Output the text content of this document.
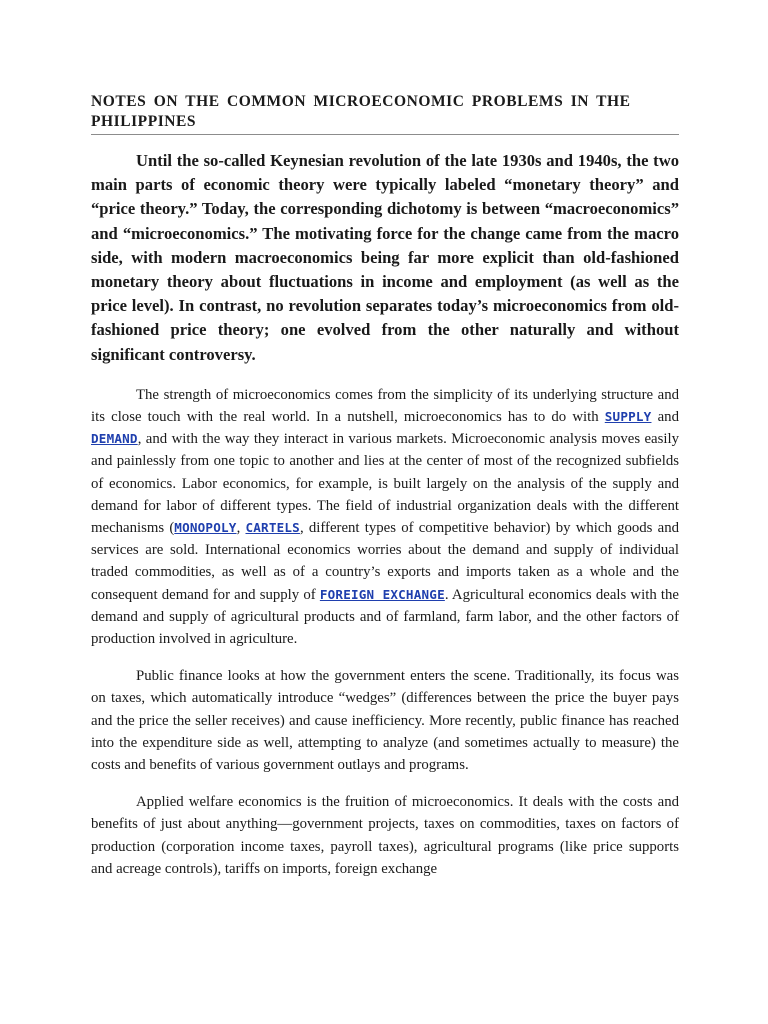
NOTES ON THE COMMON MICROECONOMIC PROBLEMS IN THE PHILIPPINES

Until the so-called Keynesian revolution of the late 1930s and 1940s, the two main parts of economic theory were typically labeled “monetary theory” and “price theory.” Today, the corresponding dichotomy is between “macroeconomics” and “microeconomics.” The motivating force for the change came from the macro side, with modern macroeconomics being far more explicit than old-fashioned monetary theory about fluctuations in income and employment (as well as the price level). In contrast, no revolution separates today’s microeconomics from old-fashioned price theory; one evolved from the other naturally and without significant controversy.

The strength of microeconomics comes from the simplicity of its underlying structure and its close touch with the real world. In a nutshell, microeconomics has to do with SUPPLY and DEMAND, and with the way they interact in various markets. Microeconomic analysis moves easily and painlessly from one topic to another and lies at the center of most of the recognized subfields of economics. Labor economics, for example, is built largely on the analysis of the supply and demand for labor of different types. The field of industrial organization deals with the different mechanisms (MONOPOLY, CARTELS, different types of competitive behavior) by which goods and services are sold. International economics worries about the demand and supply of individual traded commodities, as well as of a country’s exports and imports taken as a whole and the consequent demand for and supply of FOREIGN EXCHANGE. Agricultural economics deals with the demand and supply of agricultural products and of farmland, farm labor, and the other factors of production involved in agriculture.

Public finance looks at how the government enters the scene. Traditionally, its focus was on taxes, which automatically introduce “wedges” (differences between the price the buyer pays and the price the seller receives) and cause inefficiency. More recently, public finance has reached into the expenditure side as well, attempting to analyze (and sometimes actually to measure) the costs and benefits of various government outlays and programs.

Applied welfare economics is the fruition of microeconomics. It deals with the costs and benefits of just about anything—government projects, taxes on commodities, taxes on factors of production (corporation income taxes, payroll taxes), agricultural programs (like price supports and acreage controls), tariffs on imports, foreign exchange
